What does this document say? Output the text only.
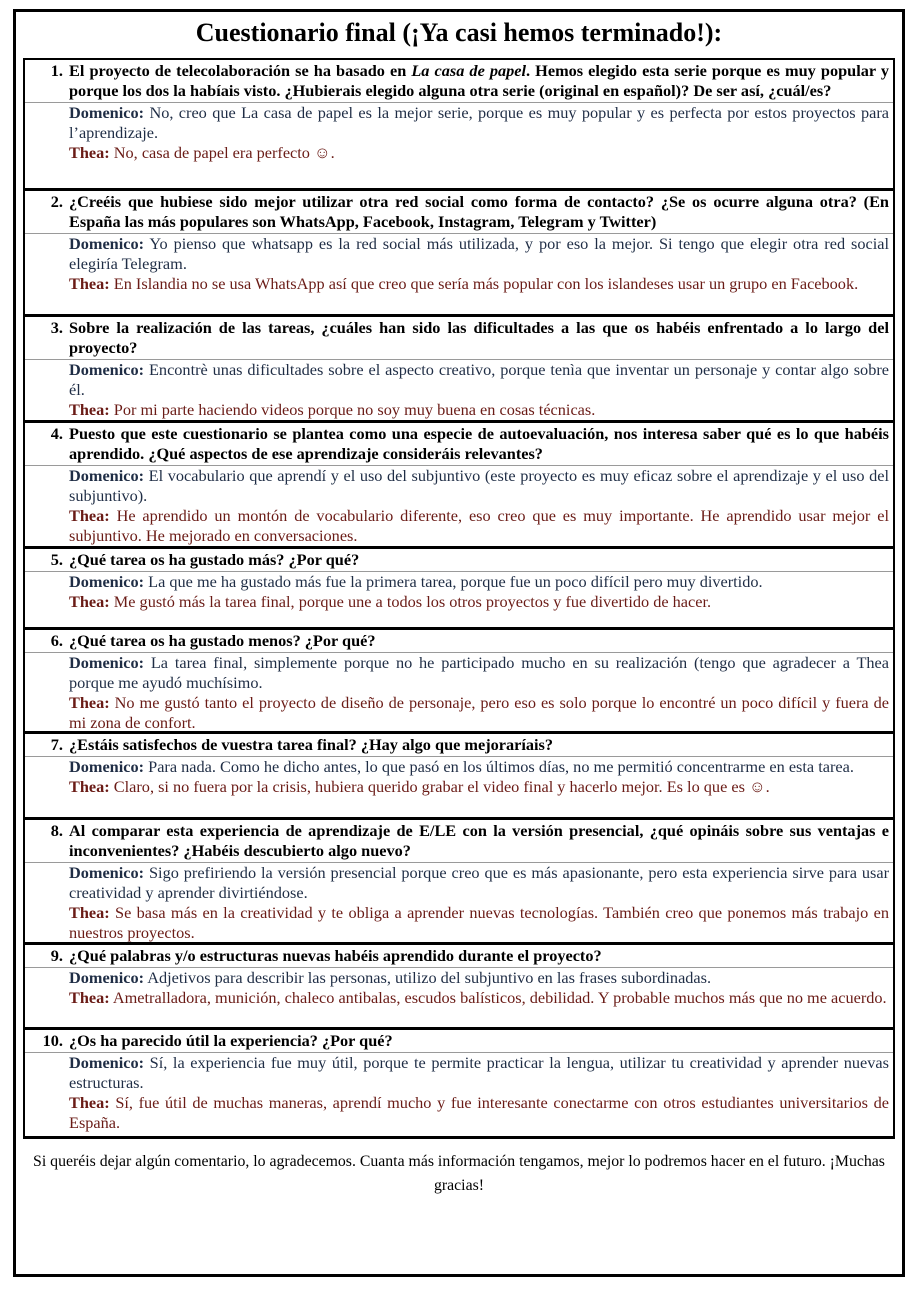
Cuestionario final (¡Ya casi hemos terminado!):
1. El proyecto de telecolaboración se ha basado en La casa de papel. Hemos elegido esta serie porque es muy popular y porque los dos la habíais visto. ¿Hubierais elegido alguna otra serie (original en español)? De ser así, ¿cuál/es?
Domenico: No, creo que La casa de papel es la mejor serie, porque es muy popular y es perfecta por estos proyectos para l’aprendizaje.
Thea: No, casa de papel era perfecto ☺.
2. ¿Creéis que hubiese sido mejor utilizar otra red social como forma de contacto? ¿Se os ocurre alguna otra? (En España las más populares son WhatsApp, Facebook, Instagram, Telegram y Twitter)
Domenico: Yo pienso que whatsapp es la red social más utilizada, y por eso la mejor. Si tengo que elegir otra red social elegiría Telegram.
Thea: En Islandia no se usa WhatsApp así que creo que sería más popular con los islandeses usar un grupo en Facebook.
3. Sobre la realización de las tareas, ¿cuáles han sido las dificultades a las que os habéis enfrentado a lo largo del proyecto?
Domenico: Encontrè unas dificultades sobre el aspecto creativo, porque tenìa que inventar un personaje y contar algo sobre él.
Thea: Por mi parte haciendo videos porque no soy muy buena en cosas técnicas.
4. Puesto que este cuestionario se plantea como una especie de autoevaluación, nos interesa saber qué es lo que habéis aprendido. ¿Qué aspectos de ese aprendizaje consideráis relevantes?
Domenico: El vocabulario que aprendí y el uso del subjuntivo (este proyecto es muy eficaz sobre el aprendizaje y el uso del subjuntivo).
Thea: He aprendido un montón de vocabulario diferente, eso creo que es muy importante. He aprendido usar mejor el subjuntivo. He mejorado en conversaciones.
5. ¿Qué tarea os ha gustado más? ¿Por qué?
Domenico: La que me ha gustado más fue la primera tarea, porque fue un poco difícil pero muy divertido.
Thea: Me gustó más la tarea final, porque une a todos los otros proyectos y fue divertido de hacer.
6. ¿Qué tarea os ha gustado menos? ¿Por qué?
Domenico: La tarea final, simplemente porque no he participado mucho en su realización (tengo que agradecer a Thea porque me ayudó muchísimo.
Thea: No me gustó tanto el proyecto de diseño de personaje, pero eso es solo porque lo encontré un poco difícil y fuera de mi zona de confort.
7. ¿Estáis satisfechos de vuestra tarea final? ¿Hay algo que mejoraríais?
Domenico: Para nada. Como he dicho antes, lo que pasó en los últimos días, no me permitió concentrarme en esta tarea.
Thea: Claro, si no fuera por la crisis, hubiera querido grabar el video final y hacerlo mejor. Es lo que es ☺.
8. Al comparar esta experiencia de aprendizaje de E/LE con la versión presencial, ¿qué opináis sobre sus ventajas e inconvenientes? ¿Habéis descubierto algo nuevo?
Domenico: Sigo prefiriendo la versión presencial porque creo que es más apasionante, pero esta experiencia sirve para usar creatividad y aprender divirtiéndose.
Thea: Se basa más en la creatividad y te obliga a aprender nuevas tecnologías. También creo que ponemos más trabajo en nuestros proyectos.
9. ¿Qué palabras y/o estructuras nuevas habéis aprendido durante el proyecto?
Domenico: Adjetivos para describir las personas, utilizo del subjuntivo en las frases subordinadas.
Thea: Ametralladora, munición, chaleco antibalas, escudos balísticos, debilidad. Y probable muchos más que no me acuerdo.
10. ¿Os ha parecido útil la experiencia? ¿Por qué?
Domenico: Sí, la experiencia fue muy útil, porque te permite practicar la lengua, utilizar tu creatividad y aprender nuevas estructuras.
Thea: Sí, fue útil de muchas maneras, aprendí mucho y fue interesante conectarme con otros estudiantes universitarios de España.
Si queréis dejar algún comentario, lo agradecemos. Cuanta más información tengamos, mejor lo podremos hacer en el futuro. ¡Muchas gracias!
